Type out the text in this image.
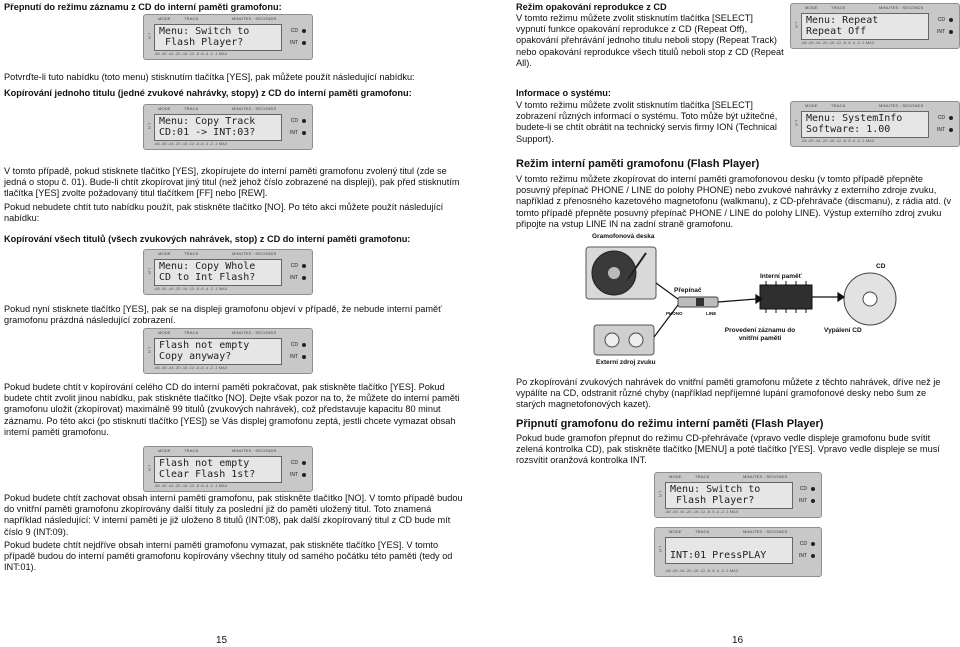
Přepnutí do režimu záznamu z CD do interní paměti gramofonu:

MODE	TRACK	MINUTES : SECONDS
L R Menu: Switch to
Flash Player?
CD
INT
-65 -60 -44 -20 -16 -12 -8 -6 -4 -2 -1 MAX

Potvrďte-li tuto nabídku (toto menu) stisknutím tlačítka [YES], pak můžete použít následující nabídku:

Kopírování jednoho titulu (jedné zvukové nahrávky, stopy) z CD do interní paměti gramofonu:

MODE	TRACK	MINUTES : SECONDS
L R Menu: Copy Track
CD:01 -> INT:03?
CD
INT
-65 -60 -44 -20 -16 -12 -8 -6 -4 -2 -1 MAX

V tomto případě, pokud stisknete tlačítko [YES], zkopírujete do interní paměti gramofonu zvolený titul (zde se jedná o stopu č. 01). Bude-li chtít zkopírovat jiný titul (než jehož číslo zobrazené na displeji), pak před stisknutím tlačítka [YES] zvolte požadovaný titul tlačítkem [FF] nebo [REW].

Pokud nebudete chtít tuto nabídku použít, pak stiskněte tlačítko [NO]. Po této akci můžete použít následující nabídku:

Kopírování všech titulů (všech zvukových nahrávek, stop) z CD do interní paměti gramofonu:

MODE	TRACK	MINUTES : SECONDS
L R Menu: Copy Whole
CD to Int Flash?
CD
INT
-65 -60 -44 -20 -16 -12 -8 -6 -4 -2 -1 MAX

Pokud nyní stisknete tlačítko [YES], pak se na displeji gramofonu objeví v případě, že nebude interní paměť gramofonu prázdná následující zobrazení.

MODE	TRACK	MINUTES : SECONDS
L R Flash not empty
Copy anyway?
CD
INT
-65 -60 -44 -20 -16 -12 -8 -6 -4 -2 -1 MAX

Pokud budete chtít v kopírování celého CD do interní paměti pokračovat, pak stiskněte tlačítko [YES]. Pokud budete chtít zvolit jinou nabídku, pak stiskněte tlačítko [NO]. Dejte však pozor na to, že můžete do interní paměti gramofonu uložit (zkopírovat) maximálně 99 titulů (zvukových nahrávek), což představuje kapacitu 80 minut záznamu. Po této akci (po stisknutí tlačítko [YES]) se Vás displej gramofonu zeptá, jestli chcete vymazat obsah interní paměti gramofonu.

MODE	TRACK	MINUTES : SECONDS
L R Flash not empty
Clear Flash 1st?
CD
INT
-65 -60 -44 -20 -16 -12 -8 -6 -4 -2 -1 MAX

Pokud budete chtít zachovat obsah interní paměti gramofonu, pak stiskněte tlačítko [NO]. V tomto případě budou do vnitřní paměti gramofonu zkopírovány další tituly za poslední již do paměti uložený titul. Toto znamená například následující: V interní paměti je již uloženo 8 titulů (INT:08), pak další zkopírovaný titul z CD bude mít číslo 9 (INT:09).

Pokud budete chtít nejdříve obsah interní paměti gramofonu vymazat, pak stiskněte tlačítko [YES]. V tomto případě budou do interní paměti gramofonu kopírovány všechny tituly od samého počátku této paměti (tedy od INT:01).

15

Režim opakování reprodukce z CD

V tomto režimu můžete zvolit stisknutím tlačítka [SELECT] vypnutí funkce opakování reprodukce z CD (Repeat Off), opakování přehrávání jednoho titulu neboli stopy (Repeat Track) nebo opakování reprodukce všech titulů neboli stop z CD (Repeat All).

MODE	TRACK	MINUTES : SECONDS
L R Menu: Repeat
Repeat Off
CD
INT
-65 -60 -44 -20 -16 -12 -8 -6 -4 -2 -1 MAX

Informace o systému:

V tomto režimu můžete zvolit stisknutím tlačítka [SELECT] zobrazení různých informací o systému. Toto může být užitečné, budete-li se chtít obrátit na technický servis firmy ION (Technical Support).

MODE	TRACK	MINUTES : SECONDS
L R Menu: SystemInfo
Software: 1.00
CD
INT
-65 -60 -44 -20 -16 -12 -8 -6 -4 -2 -1 MAX

Režim interní paměti gramofonu (Flash Player)

V tomto režimu můžete zkopírovat do interní paměti gramofonovou desku (v tomto případě přepněte posuvný přepínač PHONE / LINE do polohy PHONE) nebo zvukové nahrávky z externího zdroje zvuku, například z přenosného kazetového magnetofonu (walkmanu), z CD-přehrávače (discmanu), z rádia atd. (v tomto případě přepněte posuvný přepínač PHONE / LINE do polohy LINE). Výstup externího zdroj zvuku připojte na vstup LINE IN na zadní straně gramofonu.

Po zkopírování zvukových nahrávek do vnitřní paměti gramofonu můžete z těchto nahrávek, dříve než je vypálíte na CD, odstranit různé chyby (například nepříjemné lupání gramofonové desky nebo šum ze starých magnetofonových kazet).

Připnutí gramofonu do režimu interní paměti (Flash Player)

Pokud bude gramofon přepnut do režimu CD-přehrávače (vpravo vedle displeje gramofonu bude svítit zelená kontrolka CD), pak stiskněte tlačítko [MENU] a poté tlačítko [YES]. Vpravo vedle displeje se musí rozsvítit oranžová kontrolka INT.

MODE	TRACK	MINUTES : SECONDS
L R Menu: Switch to
Flash Player?
CD
INT
-65 -60 -44 -20 -16 -12 -8 -6 -4 -2 -1 MAX
MODE	TRACK	MINUTES : SECONDS
L R
INT:01 PressPLAY
CD
INT
-65 -60 -44 -20 -16 -12 -8 -6 -4 -2 -1 MAX
16
Gramofonová deska
Přepínač
PHONO	LINE
Interní paměť
CD
Provedení záznamu do vnitřní paměti
Vypálení CD
Externí zdroj zvuku
